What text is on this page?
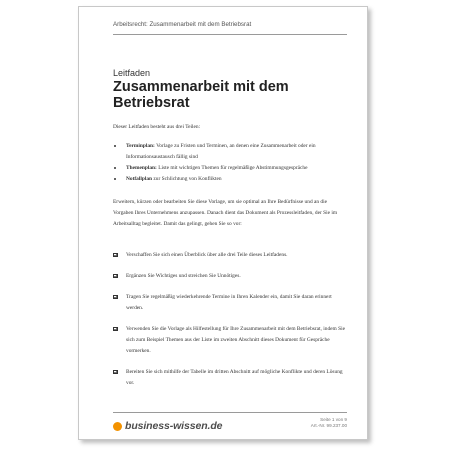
Arbeitsrecht: Zusammenarbeit mit dem Betriebsrat
Leitfaden
Zusammenarbeit mit dem Betriebsrat
Dieser Leitfaden besteht aus drei Teilen:
Terminplan: Vorlage zu Fristen und Terminen, an denen eine Zusammenarbeit oder ein Informationsaustausch fällig sind
Themenplan: Liste mit wichtigen Themen für regelmäßige Abstimmungsgespräche
Notfallplan zur Schlichtung von Konflikten
Erweitern, kürzen oder bearbeiten Sie diese Vorlage, um sie optimal an Ihre Bedürfnisse und an die Vorgaben Ihres Unternehmens anzupassen. Danach dient das Dokument als Prozessleitfaden, der Sie im Arbeitsalltag begleitet. Damit das gelingt, gehen Sie so vor:
Verschaffen Sie sich einen Überblick über alle drei Teile dieses Leitfadens.
Ergänzen Sie Wichtiges und streichen Sie Unnötiges.
Tragen Sie regelmäßig wiederkehrende Termine in Ihren Kalender ein, damit Sie daran erinnert werden.
Verwenden Sie die Vorlage als Hilfestellung für Ihre Zusammenarbeit mit dem Betriebsrat, indem Sie sich zum Beispiel Themen aus der Liste im zweiten Abschnitt dieses Dokument für Gespräche vormerken.
Bereiten Sie sich mithilfe der Tabelle im dritten Abschnitt auf mögliche Konflikte und deren Lösung vor.
business-wissen.de
Seite 1 von 9
Art.-Nr. 99.237.00
